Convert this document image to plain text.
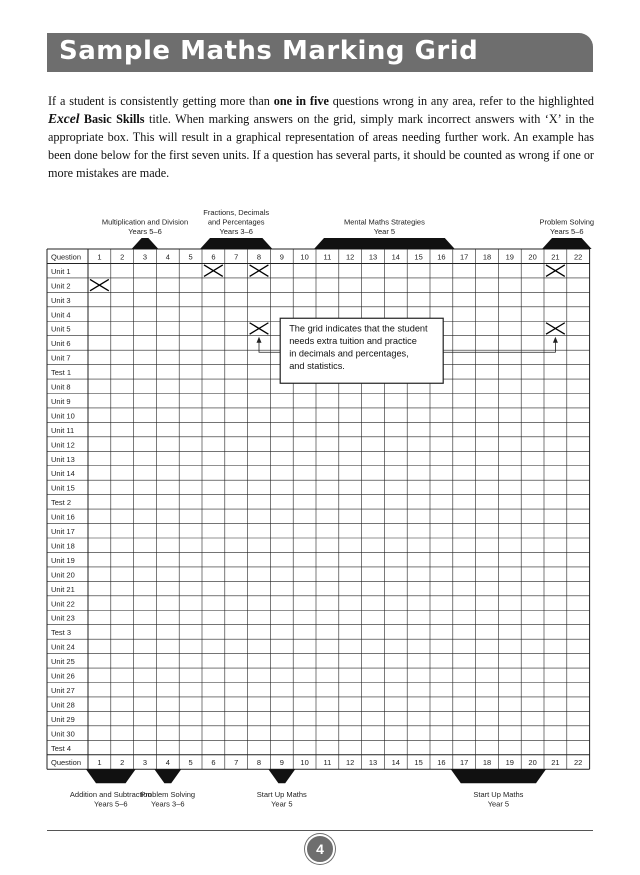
Sample Maths Marking Grid

If a student is consistently getting more than one in five questions wrong in any area, refer to the highlighted Excel Basic Skills title. When marking answers on the grid, simply mark incorrect answers with ‘X’ in the appropriate box. This will result in a graphical representation of areas needing further work. An example has been done below for the first seven units. If a question has several parts, it should be counted as wrong if one or more mistakes are made.

Question
Unit 1
Unit 2
Unit 3
Unit 4
Unit 5
Unit 6
Unit 7
Test 1
Unit 8
Unit 9
Unit 10
Unit 11
Unit 12
Unit 13
Unit 14
Unit 15
Test 2
Unit 16
Unit 17
Unit 18
Unit 19
Unit 20
Unit 21
Unit 22
Unit 23
Test 3
Unit 24
Unit 25
Unit 26
Unit 27
Unit 28
Unit 29
Unit 30
Test 4
Question
1 2 3 4 5 6 7 8 9 10 11 12 13 14 15 16 17 18 19 20 21 22
1 2 3 4 5 6 7 8 9 10 11 12 13 14 15 16 17 18 19 20 21 22
The grid indicates that the student
needs extra tuition and practice
in decimals and percentages,
and statistics.
Multiplication and Division
Years 5–6
Fractions, Decimals
and Percentages
Years 3–6
Mental Maths Strategies
Year 5
Problem Solving
Years 5–6
Addition and Subtraction
Years 5–6
Problem Solving
Years 3–6
Start Up Maths
Year 5
Start Up Maths
Year 5
4
